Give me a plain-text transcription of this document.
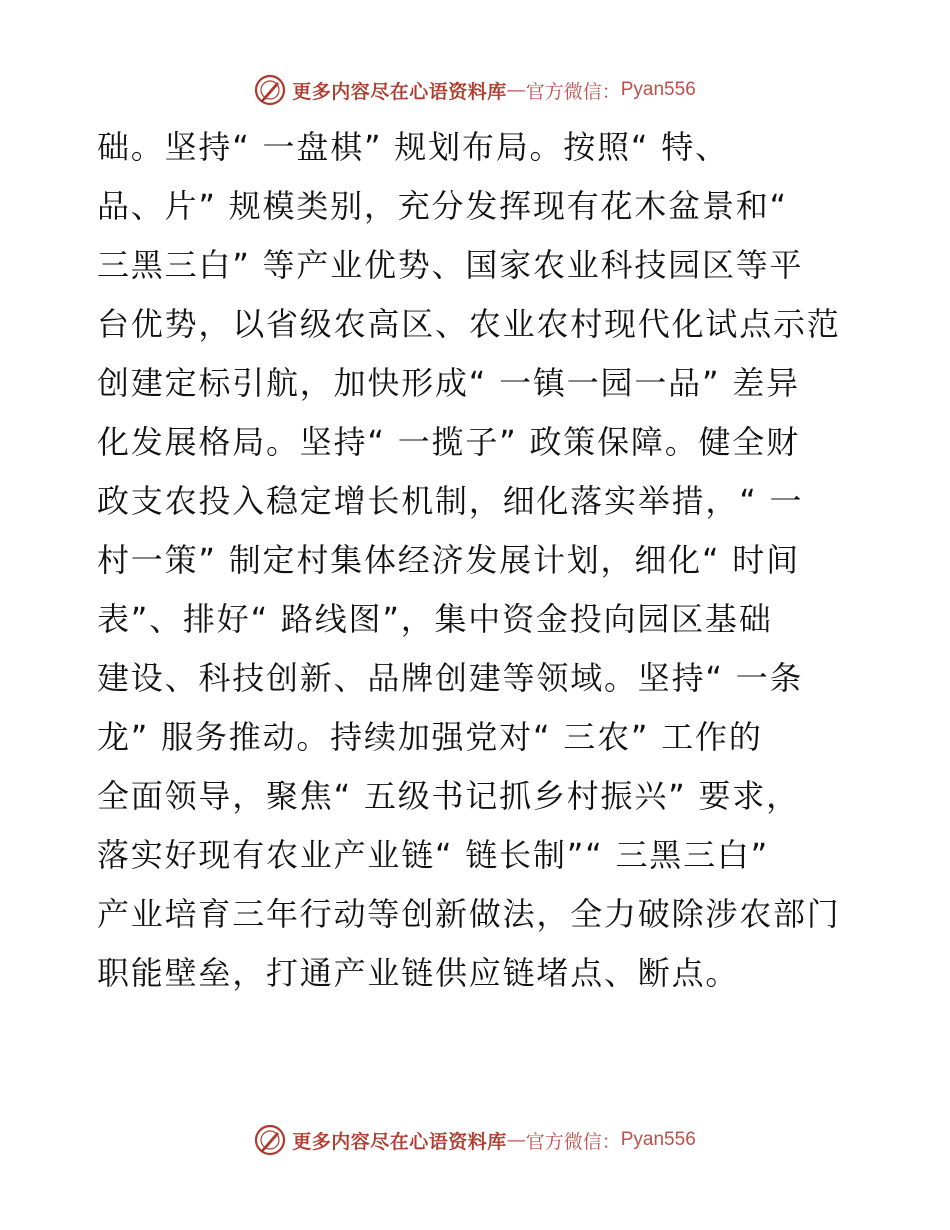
更多内容尽在心语资料库 — 官方微信： Pyan556
础。坚持“ 一盘棋” 规划布局。按照“ 特、
品、片” 规模类别，充分发挥现有花木盆景和“
三黑三白” 等产业优势、国家农业科技园区等平
台优势，以省级农高区、农业农村现代化试点示范
创建定标引航，加快形成“ 一镇一园一品” 差异
化发展格局。坚持“ 一揽子” 政策保障。健全财
政支农投入稳定增长机制，细化落实举措，“ 一
村一策” 制定村集体经济发展计划，细化“ 时间
表”、排好“ 路线图”，集中资金投向园区基础
建设、科技创新、品牌创建等领域。坚持“ 一条
龙” 服务推动。持续加强党对“ 三农” 工作的
全面领导，聚焦“ 五级书记抓乡村振兴” 要求，
落实好现有农业产业链“ 链长制”“ 三黑三白”
产业培育三年行动等创新做法，全力破除涉农部门
职能壁垒，打通产业链供应链堵点、断点。
更多内容尽在心语资料库 — 官方微信： Pyan556
